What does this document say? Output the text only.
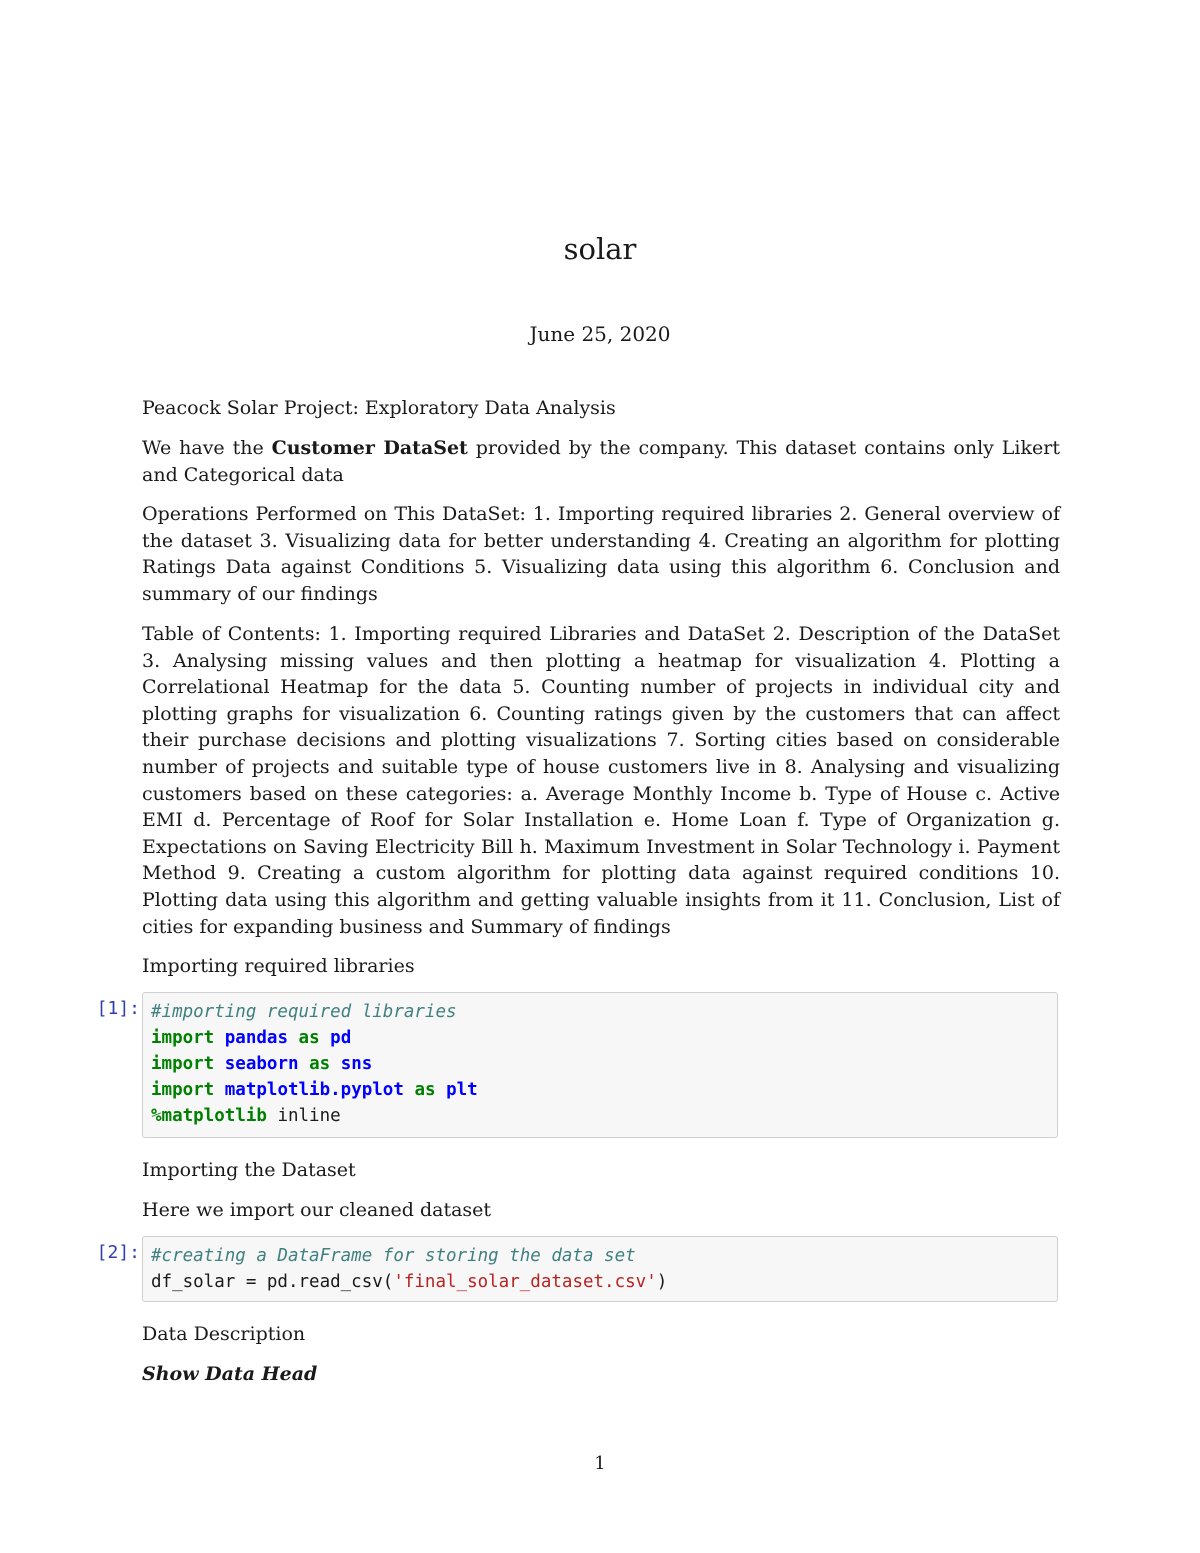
solar
June 25, 2020

Peacock Solar Project: Exploratory Data Analysis

We have the Customer DataSet provided by the company. This dataset contains only Likert and Categorical data

Operations Performed on This DataSet: 1. Importing required libraries 2. General overview of the dataset 3. Visualizing data for better understanding 4. Creating an algorithm for plotting Ratings Data against Conditions 5. Visualizing data using this algorithm 6. Conclusion and summary of our findings

Table of Contents: 1. Importing required Libraries and DataSet 2. Description of the DataSet 3. Analysing missing values and then plotting a heatmap for visualization 4. Plotting a Correlational Heatmap for the data 5. Counting number of projects in individual city and plotting graphs for visualization 6. Counting ratings given by the customers that can affect their purchase decisions and plotting visualizations 7. Sorting cities based on considerable number of projects and suitable type of house customers live in 8. Analysing and visualizing customers based on these categories: a. Average Monthly Income b. Type of House c. Active EMI d. Percentage of Roof for Solar Installation e. Home Loan f. Type of Organization g. Expectations on Saving Electricity Bill h. Maximum Investment in Solar Technology i. Payment Method 9. Creating a custom algorithm for plotting data against required conditions 10. Plotting data using this algorithm and getting valuable insights from it 11. Conclusion, List of cities for expanding business and Summary of findings

Importing required libraries

[1]: #importing required libraries
import pandas as pd
import seaborn as sns
import matplotlib.pyplot as plt
%matplotlib inline

Importing the Dataset

Here we import our cleaned dataset

[2]: #creating a DataFrame for storing the data set
df_solar = pd.read_csv('final_solar_dataset.csv')

Data Description

Show Data Head

1
